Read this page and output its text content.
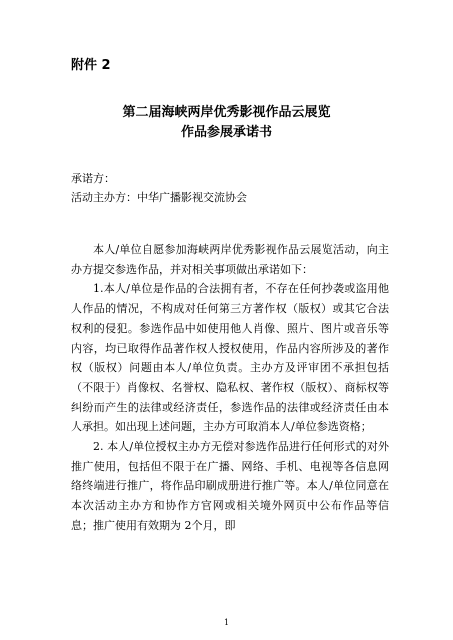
附件 2
第二届海峡两岸优秀影视作品云展览
作品参展承诺书
承诺方：
活动主办方：中华广播影视交流协会

本人/单位自愿参加海峡两岸优秀影视作品云展览活动，向主办方提交参选作品，并对相关事项做出承诺如下：

1.本人/单位是作品的合法拥有者，不存在任何抄袭或盗用他人作品的情况，不构成对任何第三方著作权（版权）或其它合法权利的侵犯。参选作品中如使用他人肖像、照片、图片或音乐等内容，均已取得作品著作权人授权使用，作品内容所涉及的著作权（版权）问题由本人/单位负责。主办方及评审团不承担包括（不限于）肖像权、名誉权、隐私权、著作权（版权）、商标权等纠纷而产生的法律或经济责任，参选作品的法律或经济责任由本人承担。如出现上述问题，主办方可取消本人/单位参选资格；

2. 本人/单位授权主办方无偿对参选作品进行任何形式的对外推广使用，包括但不限于在广播、网络、手机、电视等各信息网络终端进行推广，将作品印刷成册进行推广等。本人/单位同意在本次活动主办方和协作方官网或相关境外网页中公布作品等信息；推广使用有效期为 2个月，即

1
